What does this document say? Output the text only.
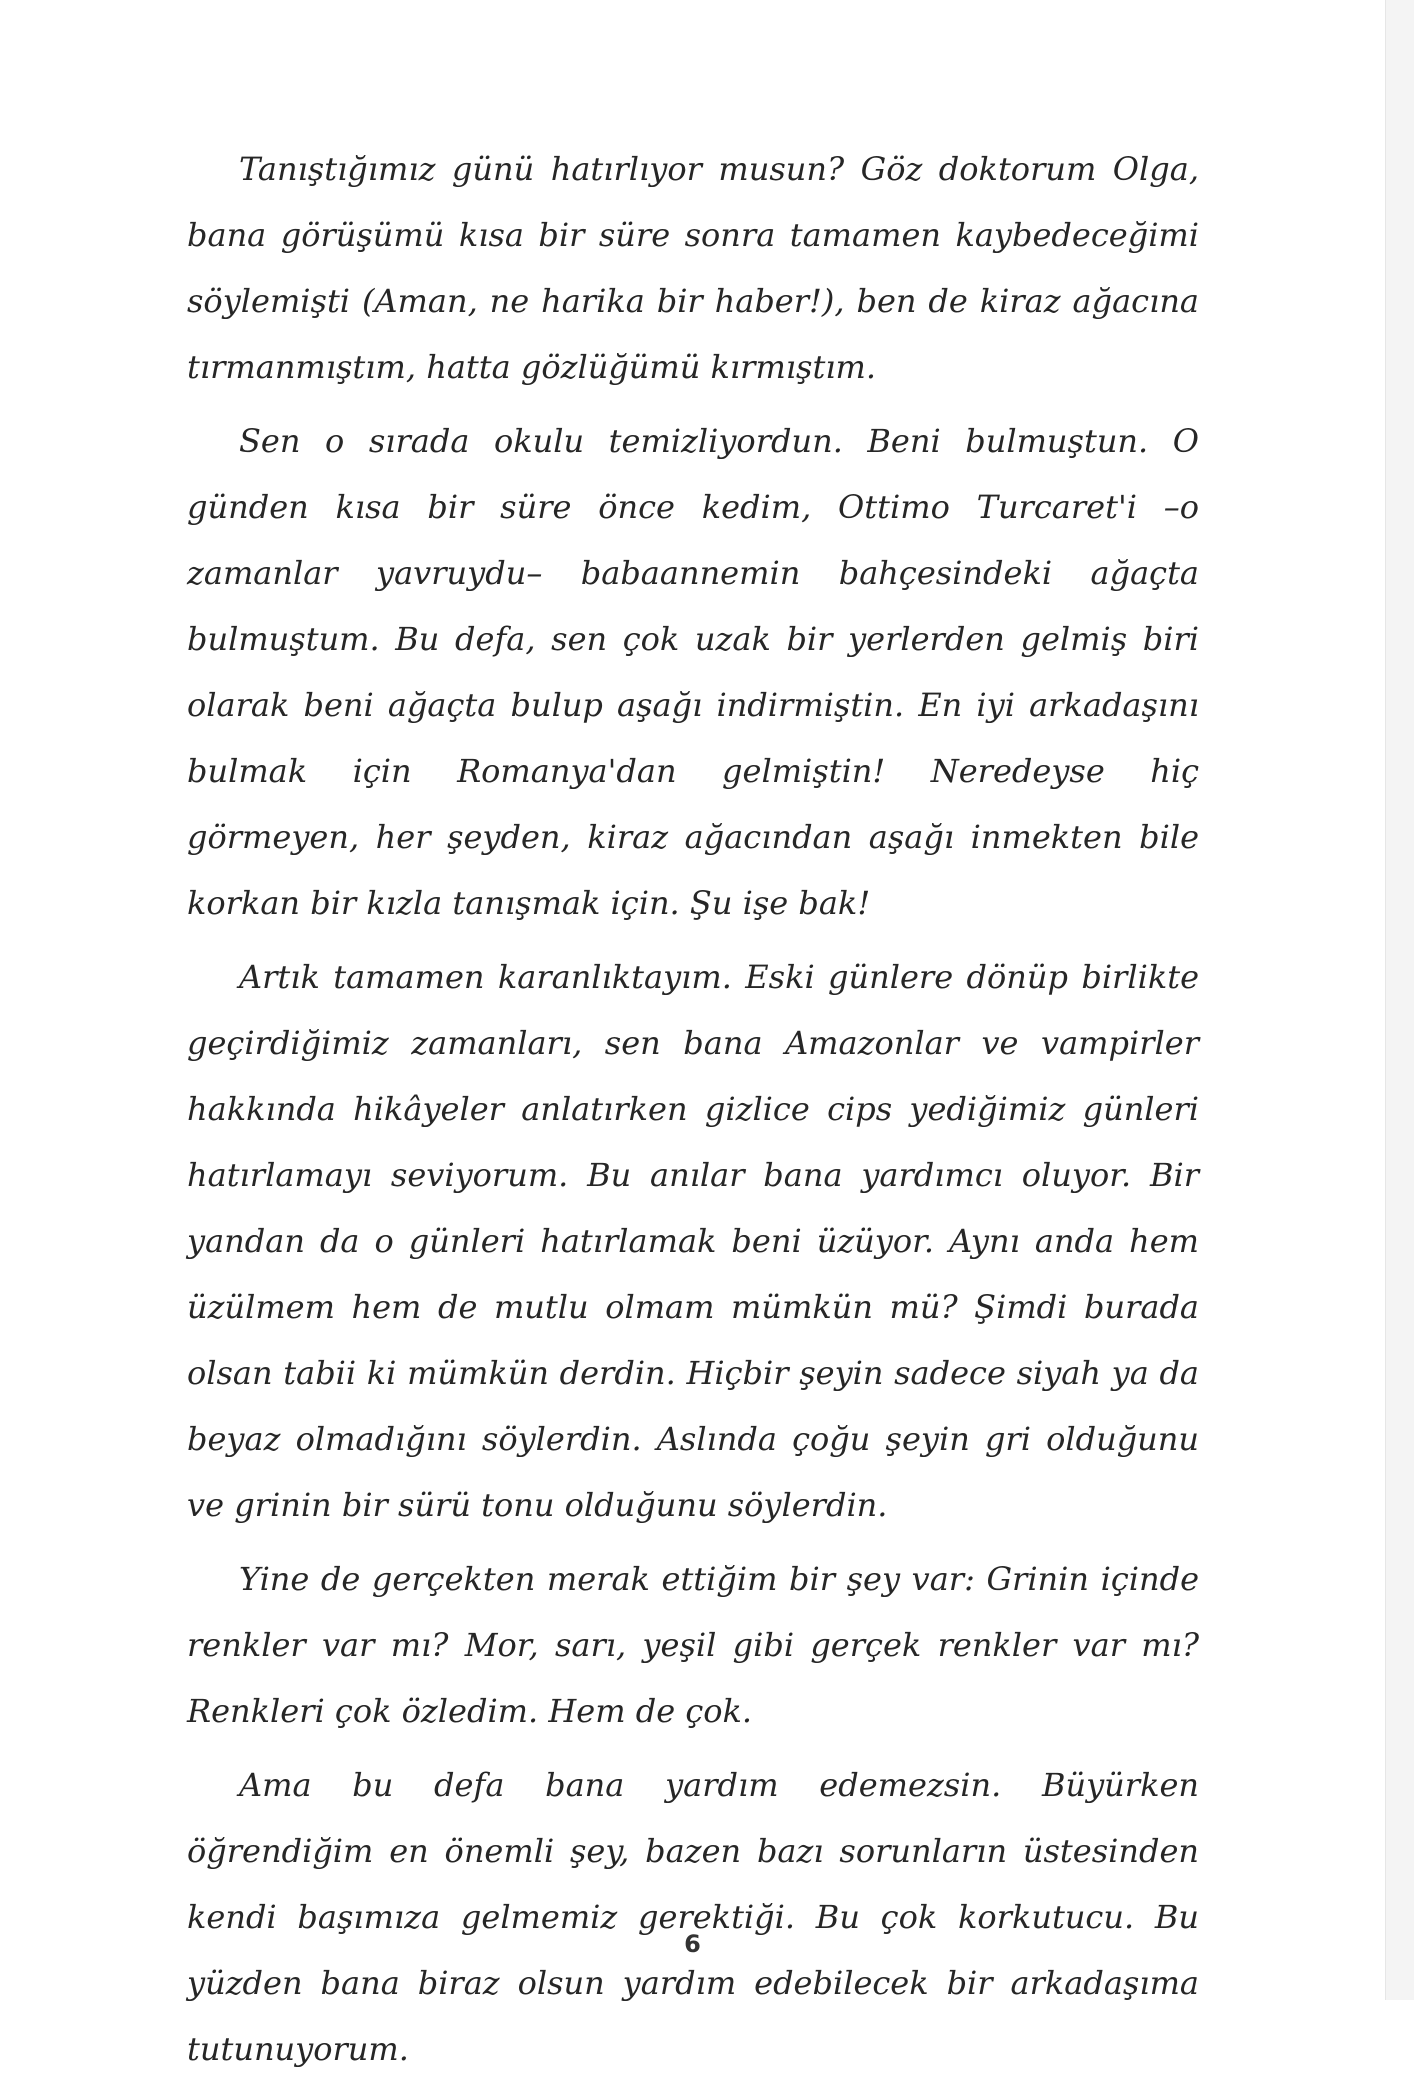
Tanıştığımız günü hatırlıyor musun? Göz doktorum Olga, bana görüşümü kısa bir süre sonra tamamen kaybedeceğimi söylemişti (Aman, ne harika bir haber!), ben de kiraz ağacına tırmanmıştım, hatta gözlüğümü kırmıştım.

Sen o sırada okulu temizliyordun. Beni bulmuştun. O günden kısa bir süre önce kedim, Ottimo Turcaret'i –o zamanlar yavruydu– babaannemin bahçesindeki ağaçta bulmuştum. Bu defa, sen çok uzak bir yerlerden gelmiş biri olarak beni ağaçta bulup aşağı indirmiştin. En iyi arkadaşını bulmak için Romanya'dan gelmiştin! Neredeyse hiç görmeyen, her şeyden, kiraz ağacından aşağı inmekten bile korkan bir kızla tanışmak için. Şu işe bak!

Artık tamamen karanlıktayım. Eski günlere dönüp birlikte geçirdiğimiz zamanları, sen bana Amazonlar ve vampirler hakkında hikâyeler anlatırken gizlice cips yediğimiz günleri hatırlamayı seviyorum. Bu anılar bana yardımcı oluyor. Bir yandan da o günleri hatırlamak beni üzüyor. Aynı anda hem üzülmem hem de mutlu olmam mümkün mü? Şimdi burada olsan tabii ki mümkün derdin. Hiçbir şeyin sadece siyah ya da beyaz olmadığını söylerdin. Aslında çoğu şeyin gri olduğunu ve grinin bir sürü tonu olduğunu söylerdin.

Yine de gerçekten merak ettiğim bir şey var: Grinin içinde renkler var mı? Mor, sarı, yeşil gibi gerçek renkler var mı? Renkleri çok özledim. Hem de çok.

Ama bu defa bana yardım edemezsin. Büyürken öğrendiğim en önemli şey, bazen bazı sorunların üstesinden kendi başımıza gelmemiz gerektiği. Bu çok korkutucu. Bu yüzden bana biraz olsun yardım edebilecek bir arkadaşıma tutunuyorum.

6
